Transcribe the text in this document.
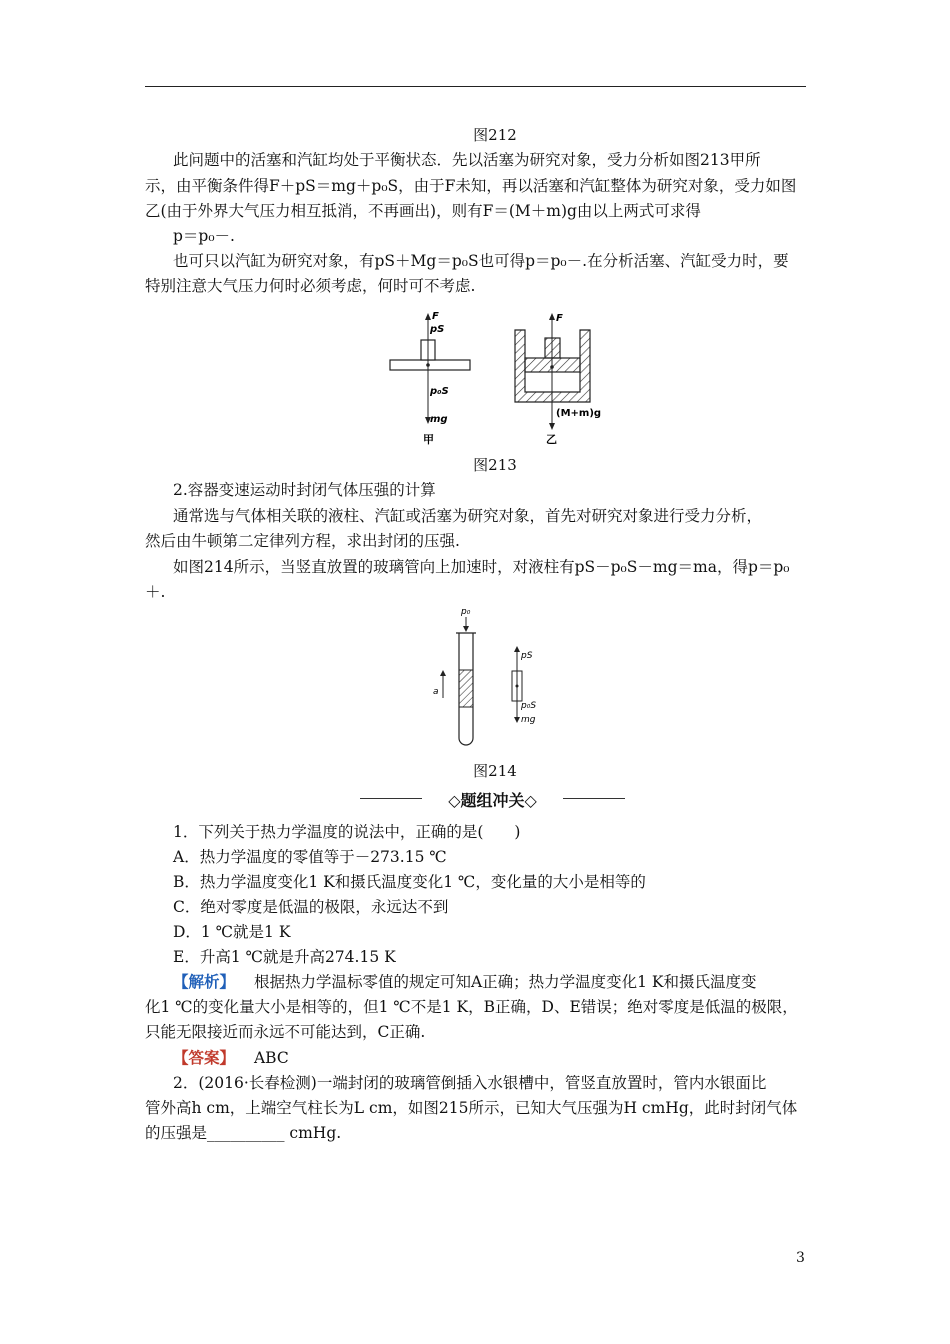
图212
此问题中的活塞和汽缸均处于平衡状态．先以活塞为研究对象，受力分析如图213甲所
示，由平衡条件得F＋pS＝mg＋p₀S，由于F未知，再以活塞和汽缸整体为研究对象，受力如图
乙(由于外界大气压力相互抵消，不再画出)，则有F＝(M＋m)g由以上两式可求得
p＝p₀－.
也可只以汽缸为研究对象，有pS＋Mg＝p₀S也可得p＝p₀－.在分析活塞、汽缸受力时，要
特别注意大气压力何时必须考虑，何时可不考虑.
F
pS
p₀S
mg
甲
F
(M+m)g
乙
图213
2.容器变速运动时封闭气体压强的计算
通常选与气体相关联的液柱、汽缸或活塞为研究对象，首先对研究对象进行受力分析，
然后由牛顿第二定律列方程，求出封闭的压强.
如图214所示，当竖直放置的玻璃管向上加速时，对液柱有pS－p₀S－mg＝ma，得p＝p₀
＋.
p₀
a
pS
p₀S
mg
图214
◇题组冲关◇
1．下列关于热力学温度的说法中，正确的是(　　)
A．热力学温度的零值等于－273.15 ℃
B．热力学温度变化1 K和摄氏温度变化1 ℃，变化量的大小是相等的
C．绝对零度是低温的极限，永远达不到
D．1 ℃就是1 K
E．升高1 ℃就是升高274.15 K
【解析】 根据热力学温标零值的规定可知A正确；热力学温度变化1 K和摄氏温度变
化1 ℃的变化量大小是相等的，但1 ℃不是1 K，B正确，D、E错误；绝对零度是低温的极限，
只能无限接近而永远不可能达到，C正确.
【答案】 ABC
2．(2016·长春检测)一端封闭的玻璃管倒插入水银槽中，管竖直放置时，管内水银面比
管外高h cm，上端空气柱长为L cm，如图215所示，已知大气压强为H cmHg，此时封闭气体
的压强是__________ cmHg.
3
